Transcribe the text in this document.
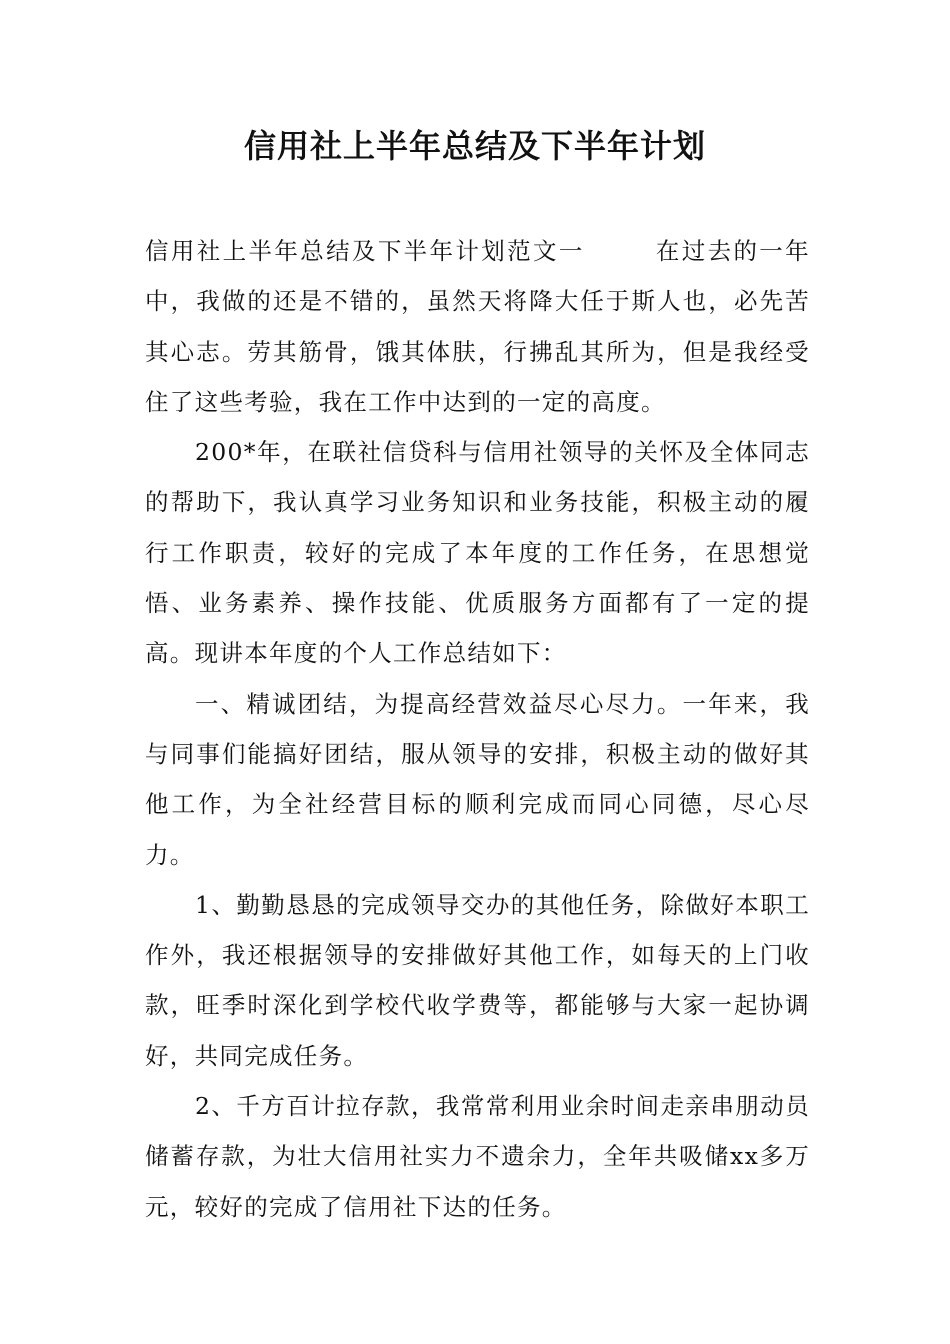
信用社上半年总结及下半年计划

信用社上半年总结及下半年计划范文一	在过去的一年中，我做的还是不错的，虽然天将降大任于斯人也，必先苦其心志。劳其筋骨，饿其体肤，行拂乱其所为，但是我经受住了这些考验，我在工作中达到的一定的高度。

200*年，在联社信贷科与信用社领导的关怀及全体同志的帮助下，我认真学习业务知识和业务技能，积极主动的履行工作职责，较好的完成了本年度的工作任务，在思想觉悟、业务素养、操作技能、优质服务方面都有了一定的提高。现讲本年度的个人工作总结如下：

一、精诚团结，为提高经营效益尽心尽力。一年来，我与同事们能搞好团结，服从领导的安排，积极主动的做好其他工作，为全社经营目标的顺利完成而同心同德，尽心尽力。

1、勤勤恳恳的完成领导交办的其他任务，除做好本职工作外，我还根据领导的安排做好其他工作，如每天的上门收款，旺季时深化到学校代收学费等，都能够与大家一起协调好，共同完成任务。

2、千方百计拉存款，我常常利用业余时间走亲串朋动员储蓄存款，为壮大信用社实力不遗余力，全年共吸储xx多万元，较好的完成了信用社下达的任务。
